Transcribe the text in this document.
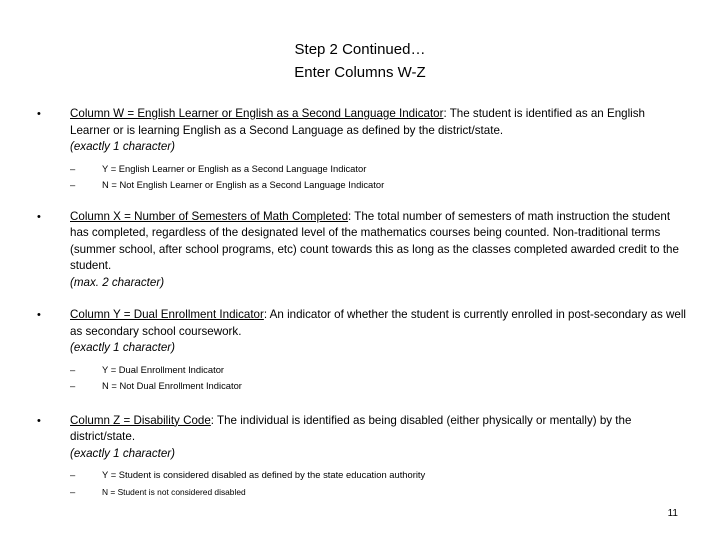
Step 2 Continued…
Enter Columns W-Z
•	Column W = English Learner or English as a Second Language Indicator: The student is identified as an English Learner or is learning English as a Second Language as defined by the district/state.
(exactly 1 character)
–	Y = English Learner or English as a Second Language Indicator
–	N = Not English Learner or English as a Second Language Indicator
•	Column X = Number of Semesters of Math Completed: The total number of semesters of math instruction the student has completed, regardless of the designated level of the mathematics courses being counted. Non-traditional terms (summer school, after school programs, etc) count towards this as long as the classes completed awarded credit to the student.
(max. 2 character)
•	Column Y = Dual Enrollment Indicator: An indicator of whether the student is currently enrolled in post-secondary as well as secondary school coursework.
(exactly 1 character)
–	Y = Dual Enrollment Indicator
–	N = Not Dual Enrollment Indicator
•	Column Z = Disability Code: The individual is identified as being disabled (either physically or mentally) by the district/state.
(exactly 1 character)
–	Y = Student is considered disabled as defined by the state education authority
–	N = Student is not considered disabled
11
